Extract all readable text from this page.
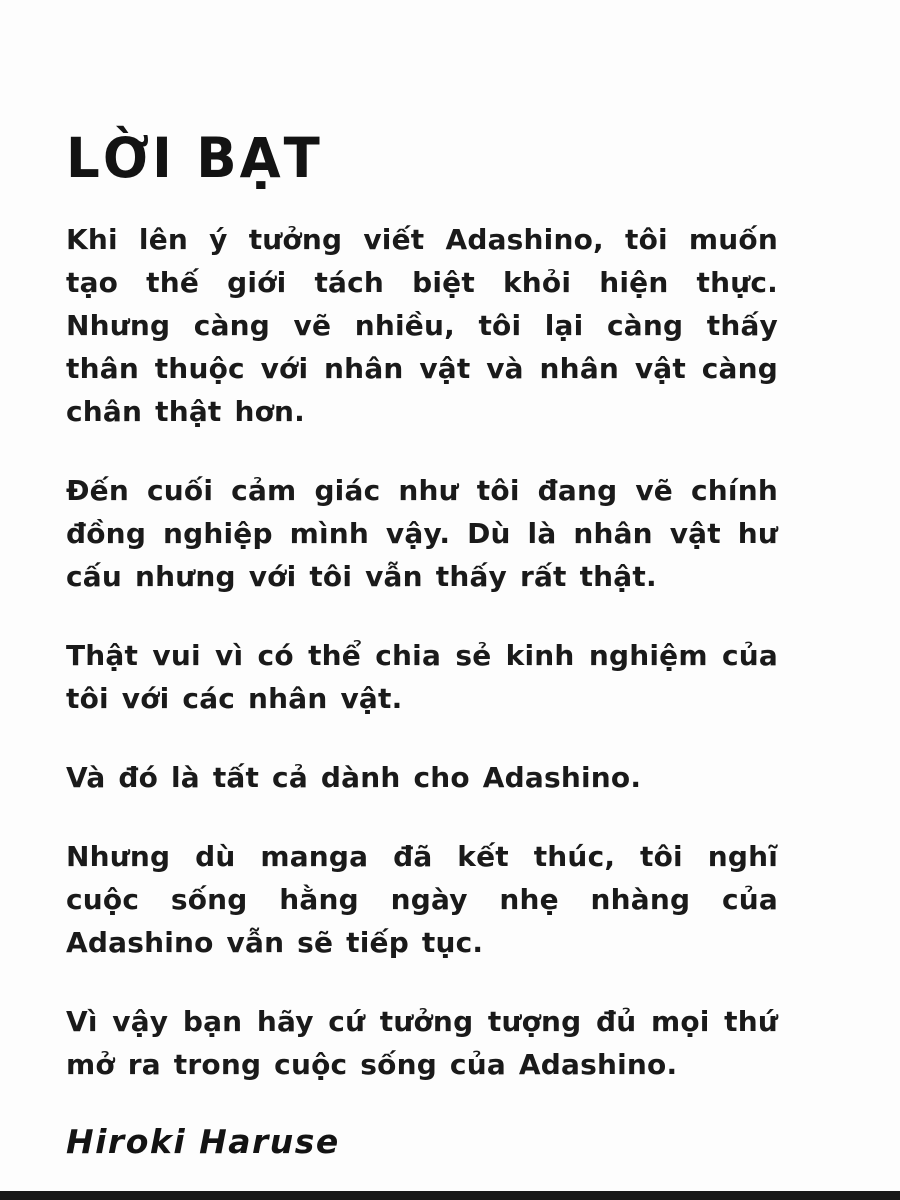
LỜI BẠT

Khi lên ý tưởng viết Adashino, tôi muốn tạo thế giới tách biệt khỏi hiện thực. Nhưng càng vẽ nhiều, tôi lại càng thấy thân thuộc với nhân vật và nhân vật càng chân thật hơn.

Đến cuối cảm giác như tôi đang vẽ chính đồng nghiệp mình vậy. Dù là nhân vật hư cấu nhưng với tôi vẫn thấy rất thật.

Thật vui vì có thể chia sẻ kinh nghiệm của tôi với các nhân vật.

Và đó là tất cả dành cho Adashino.

Nhưng dù manga đã kết thúc, tôi nghĩ cuộc sống hằng ngày nhẹ nhàng của Adashino vẫn sẽ tiếp tục.

Vì vậy bạn hãy cứ tưởng tượng đủ mọi thứ mở ra trong cuộc sống của Adashino.

Hiroki Haruse
